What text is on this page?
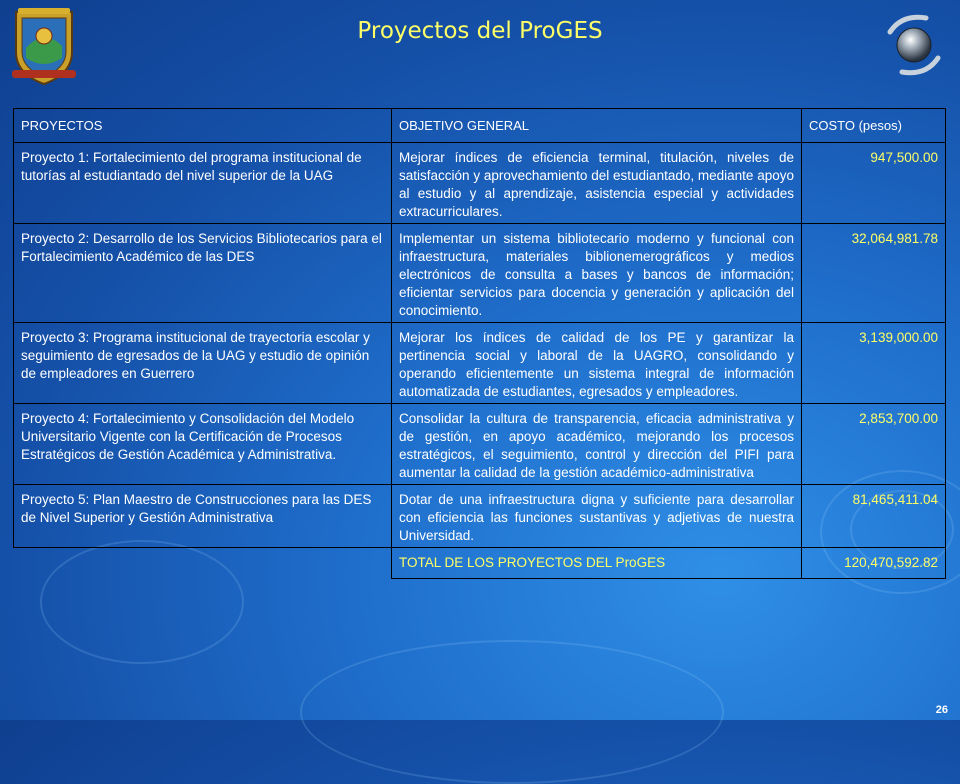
Proyectos del ProGES
PROYECTOS	OBJETIVO GENERAL	COSTO (pesos)
Proyecto 1: Fortalecimiento del programa institucional de tutorías al estudiantado del nivel superior de la UAG	Mejorar índices de eficiencia terminal, titulación, niveles de satisfacción y aprovechamiento del estudiantado, mediante apoyo al estudio y al aprendizaje, asistencia especial y actividades extracurriculares.	947,500.00
Proyecto 2: Desarrollo de los Servicios Bibliotecarios para el Fortalecimiento Académico de las DES	Implementar un sistema bibliotecario moderno y funcional con infraestructura, materiales biblionemerográficos y medios electrónicos de consulta a bases y bancos de información; eficientar servicios para docencia y generación y aplicación del conocimiento.	32,064,981.78
Proyecto 3: Programa institucional de trayectoria escolar y seguimiento de egresados de la UAG y estudio de opinión de empleadores en Guerrero	Mejorar los índices de calidad de los PE y garantizar la pertinencia social y laboral de la UAGRO, consolidando y operando eficientemente un sistema integral de información automatizada de estudiantes, egresados y empleadores.	3,139,000.00
Proyecto 4: Fortalecimiento y Consolidación del Modelo Universitario Vigente con la Certificación de Procesos Estratégicos de Gestión Académica y Administrativa.	Consolidar la cultura de transparencia, eficacia administrativa y de gestión, en apoyo académico, mejorando los procesos estratégicos, el seguimiento, control y dirección del PIFI para aumentar la calidad de la gestión académico-administrativa	2,853,700.00
Proyecto 5: Plan Maestro de Construcciones para las DES de Nivel Superior y Gestión Administrativa	Dotar de una infraestructura digna y suficiente para desarrollar con eficiencia las funciones sustantivas y adjetivas de nuestra Universidad.	81,465,411.04
	TOTAL DE LOS PROYECTOS DEL ProGES	120,470,592.82
26
